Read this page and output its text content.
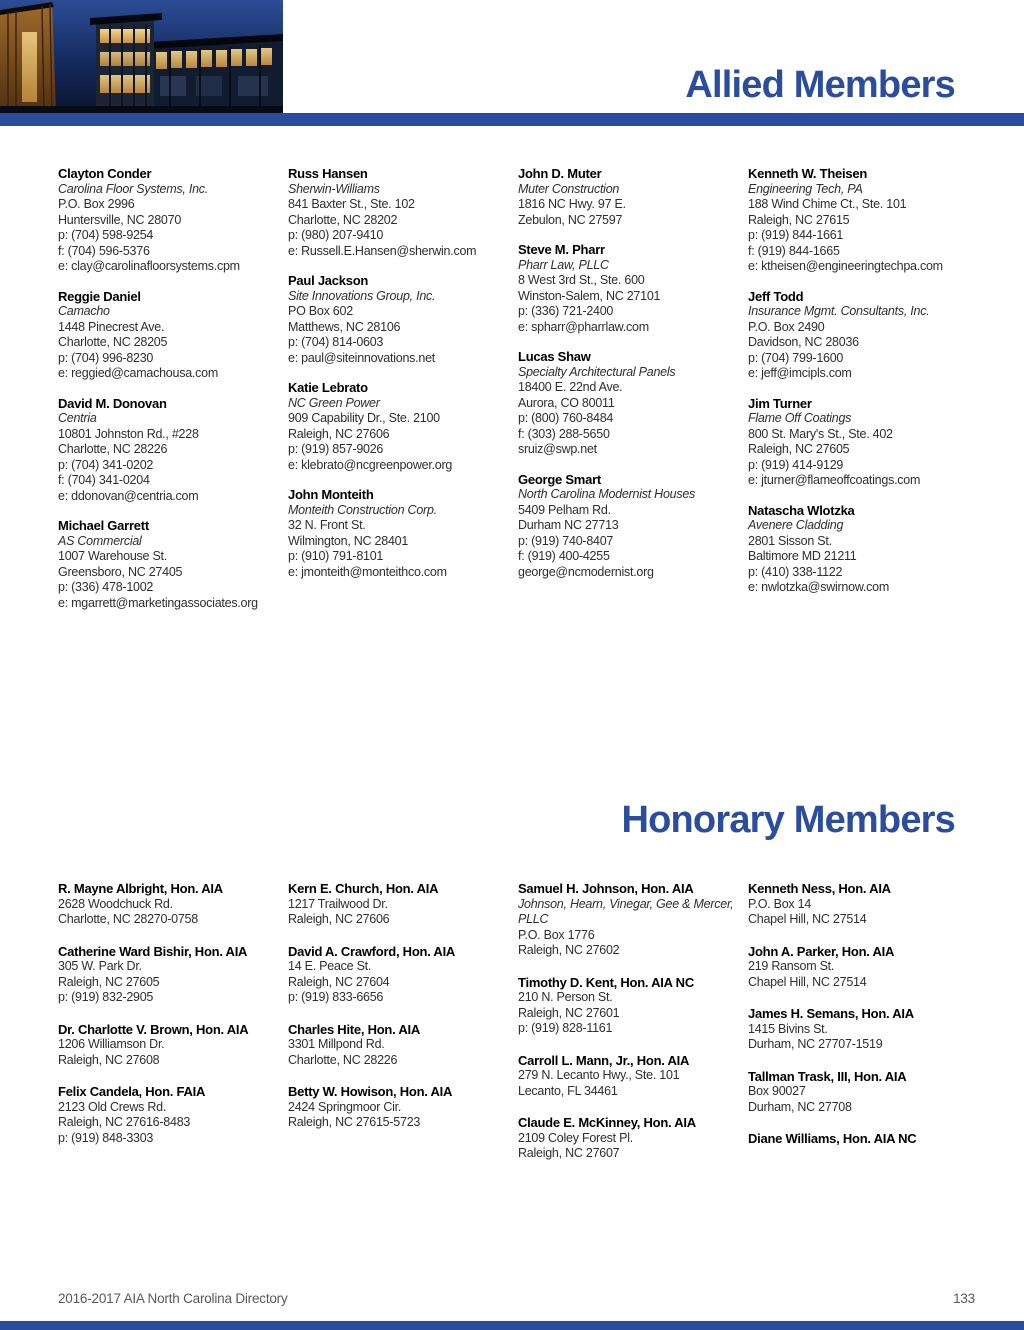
Allied Members
Clayton Conder
Carolina Floor Systems, Inc.
P.O. Box 2996
Huntersville, NC 28070
p: (704) 598-9254
f: (704) 596-5376
e: clay@carolinafloorsystems.cpm
Reggie Daniel
Camacho
1448 Pinecrest Ave.
Charlotte, NC 28205
p: (704) 996-8230
e: reggied@camachousa.com
David M. Donovan
Centria
10801 Johnston Rd., #228
Charlotte, NC 28226
p: (704) 341-0202
f: (704) 341-0204
e: ddonovan@centria.com
Michael Garrett
AS Commercial
1007 Warehouse St.
Greensboro, NC 27405
p: (336) 478-1002
e: mgarrett@marketingassociates.org
Russ Hansen
Sherwin-Williams
841 Baxter St., Ste. 102
Charlotte, NC 28202
p: (980) 207-9410
e: Russell.E.Hansen@sherwin.com
Paul Jackson
Site Innovations Group, Inc.
PO Box 602
Matthews, NC 28106
p: (704) 814-0603
e: paul@siteinnovations.net
Katie Lebrato
NC Green Power
909 Capability Dr., Ste. 2100
Raleigh, NC 27606
p: (919) 857-9026
e: klebrato@ncgreenpower.org
John Monteith
Monteith Construction Corp.
32 N. Front St.
Wilmington, NC 28401
p: (910) 791-8101
e: jmonteith@monteithco.com
John D. Muter
Muter Construction
1816 NC Hwy. 97 E.
Zebulon, NC 27597
Steve M. Pharr
Pharr Law, PLLC
8 West 3rd St., Ste. 600
Winston-Salem, NC 27101
p: (336) 721-2400
e: spharr@pharrlaw.com
Lucas Shaw
Specialty Architectural Panels
18400 E. 22nd Ave.
Aurora, CO 80011
p: (800) 760-8484
f: (303) 288-5650
sruiz@swp.net
George Smart
North Carolina Modernist Houses
5409 Pelham Rd.
Durham NC 27713
p: (919) 740-8407
f: (919) 400-4255
george@ncmodernist.org
Kenneth W. Theisen
Engineering Tech, PA
188 Wind Chime Ct., Ste. 101
Raleigh, NC 27615
p: (919) 844-1661
f: (919) 844-1665
e: ktheisen@engineeringtechpa.com
Jeff Todd
Insurance Mgmt. Consultants, Inc.
P.O. Box 2490
Davidson, NC 28036
p: (704) 799-1600
e: jeff@imcipls.com
Jim Turner
Flame Off Coatings
800 St. Mary's St., Ste. 402
Raleigh, NC 27605
p: (919) 414-9129
e: jturner@flameoffcoatings.com
Natascha Wlotzka
Avenere Cladding
2801 Sisson St.
Baltimore MD 21211
p: (410) 338-1122
e: nwlotzka@swirnow.com
Honorary Members
R. Mayne Albright, Hon. AIA
2628 Woodchuck Rd.
Charlotte, NC 28270-0758
Catherine Ward Bishir, Hon. AIA
305 W. Park Dr.
Raleigh, NC 27605
p: (919) 832-2905
Dr. Charlotte V. Brown, Hon. AIA
1206 Williamson Dr.
Raleigh, NC 27608
Felix Candela, Hon. FAIA
2123 Old Crews Rd.
Raleigh, NC 27616-8483
p: (919) 848-3303
Kern E. Church, Hon. AIA
1217 Trailwood Dr.
Raleigh, NC 27606
David A. Crawford, Hon. AIA
14 E. Peace St.
Raleigh, NC 27604
p: (919) 833-6656
Charles Hite, Hon. AIA
3301 Millpond Rd.
Charlotte, NC 28226
Betty W. Howison, Hon. AIA
2424 Springmoor Cir.
Raleigh, NC 27615-5723
Samuel H. Johnson, Hon. AIA
Johnson, Hearn, Vinegar, Gee & Mercer, PLLC
P.O. Box 1776
Raleigh, NC 27602
Timothy D. Kent, Hon. AIA NC
210 N. Person St.
Raleigh, NC 27601
p: (919) 828-1161
Carroll L. Mann, Jr., Hon. AIA
279 N. Lecanto Hwy., Ste. 101
Lecanto, FL 34461
Claude E. McKinney, Hon. AIA
2109 Coley Forest Pl.
Raleigh, NC 27607
Kenneth Ness, Hon. AIA
P.O. Box 14
Chapel Hill, NC 27514
John A. Parker, Hon. AIA
219 Ransom St.
Chapel Hill, NC 27514
James H. Semans, Hon. AIA
1415 Bivins St.
Durham, NC 27707-1519
Tallman Trask, III, Hon. AIA
Box 90027
Durham, NC 27708
Diane Williams, Hon. AIA NC
2016-2017 AIA North Carolina Directory	133
